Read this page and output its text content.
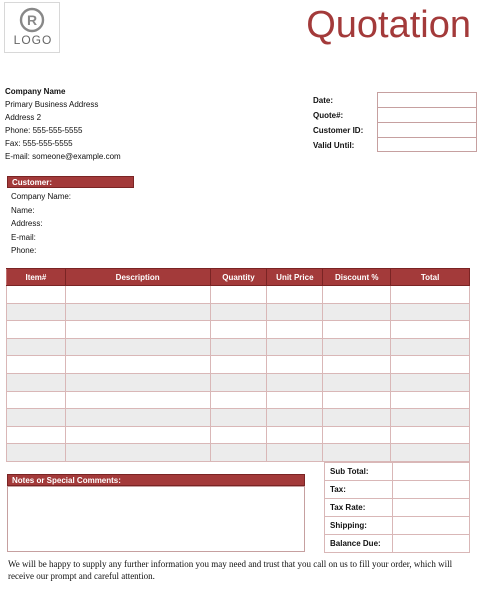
R
LOGO	Quotation
Company Name
Primary Business Address
Address 2
Phone: 555-555-5555
Fax: 555-555-5555
E-mail: someone@example.com
Date:
Quote#:
Customer ID:
Valid Until:
Customer:
Company Name:
Name:
Address:
E-mail:
Phone:
Item#	Description	Quantity	Unit Price	Discount %	Total

Notes or Special Comments:
Sub Total:	
Tax:	
Tax Rate:	
Shipping:	
Balance Due:	
We will be happy to supply any further information you may need and trust that you call on us to fill your order, which will receive our prompt and careful attention.
